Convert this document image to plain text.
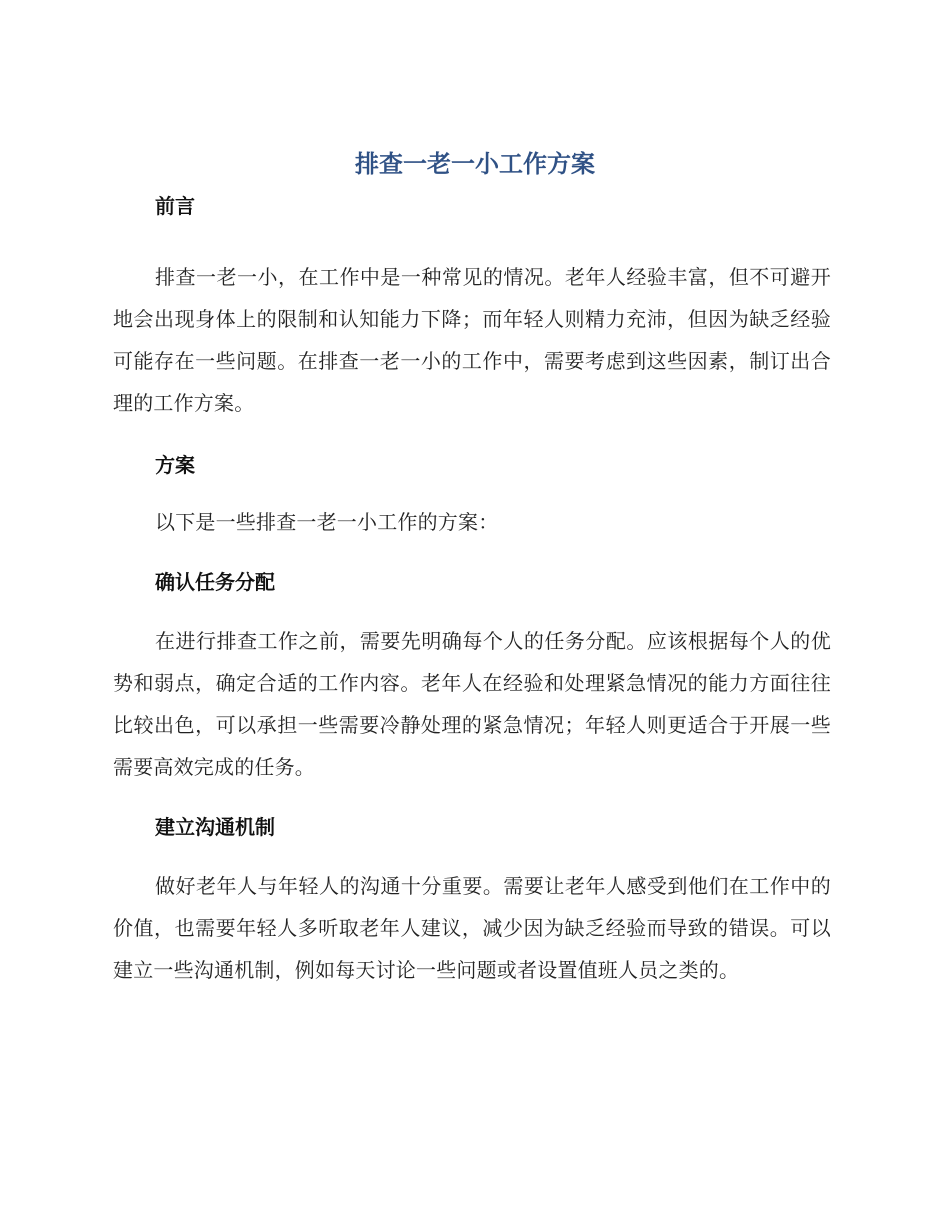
排查一老一小工作方案
前言

排查一老一小，在工作中是一种常见的情况。老年人经验丰富，但不可避开地会出现身体上的限制和认知能力下降；而年轻人则精力充沛，但因为缺乏经验可能存在一些问题。在排查一老一小的工作中，需要考虑到这些因素，制订出合理的工作方案。

方案

以下是一些排查一老一小工作的方案：

确认任务分配

在进行排查工作之前，需要先明确每个人的任务分配。应该根据每个人的优势和弱点，确定合适的工作内容。老年人在经验和处理紧急情况的能力方面往往比较出色，可以承担一些需要冷静处理的紧急情况；年轻人则更适合于开展一些需要高效完成的任务。

建立沟通机制

做好老年人与年轻人的沟通十分重要。需要让老年人感受到他们在工作中的价值，也需要年轻人多听取老年人建议，减少因为缺乏经验而导致的错误。可以建立一些沟通机制，例如每天讨论一些问题或者设置值班人员之类的。
